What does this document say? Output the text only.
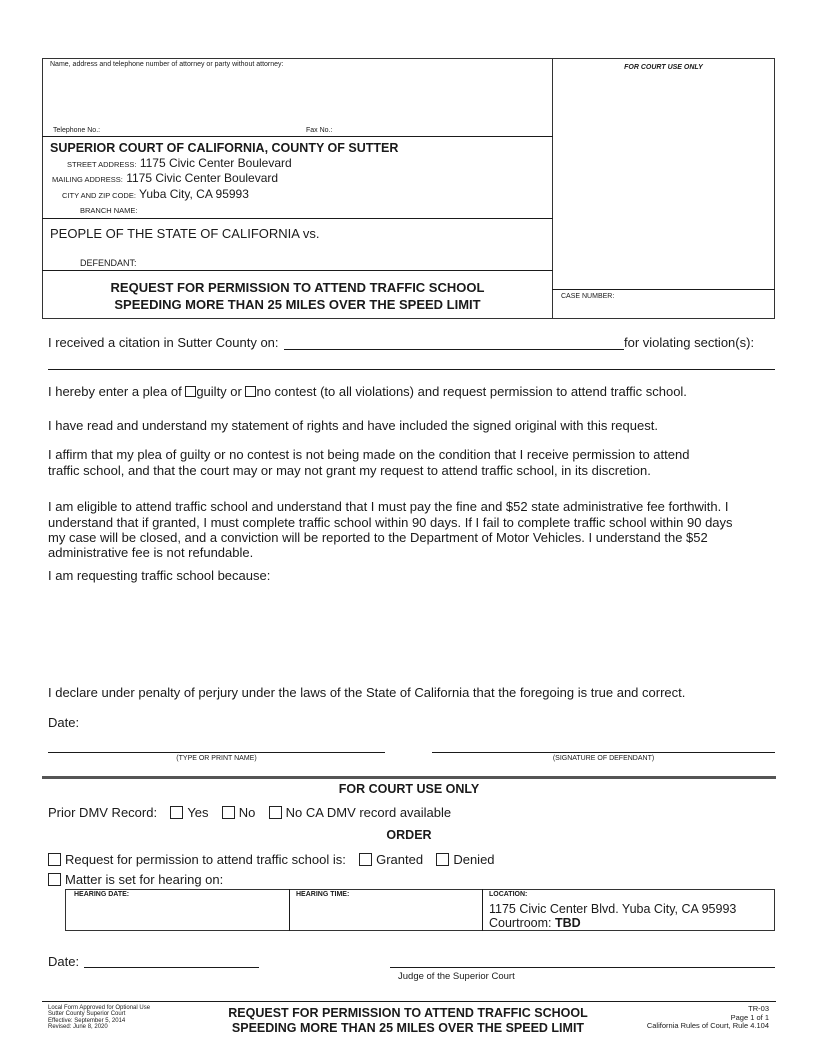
Name, address and telephone number of attorney or party without attorney:
Telephone No.:	Fax No.:
FOR COURT USE ONLY
SUPERIOR COURT OF CALIFORNIA, COUNTY OF SUTTER
STREET ADDRESS: 1175 Civic Center Boulevard
MAILING ADDRESS: 1175 Civic Center Boulevard
CITY AND ZIP CODE: Yuba City, CA 95993
BRANCH NAME:
PEOPLE OF THE STATE OF CALIFORNIA vs.
DEFENDANT:
REQUEST FOR PERMISSION TO ATTEND TRAFFIC SCHOOL
SPEEDING MORE THAN 25 MILES OVER THE SPEED LIMIT
CASE NUMBER:
I received a citation in Sutter County on:	for violating section(s):
I hereby enter a plea of guilty or no contest (to all violations) and request permission to attend traffic school.
I have read and understand my statement of rights and have included the signed original with this request.
I affirm that my plea of guilty or no contest is not being made on the condition that I receive permission to attend
traffic school, and that the court may or may not grant my request to attend traffic school, in its discretion.
I am eligible to attend traffic school and understand that I must pay the fine and $52 state administrative fee forthwith. I
understand that if granted, I must complete traffic school within 90 days. If I fail to complete traffic school within 90 days
my case will be closed, and a conviction will be reported to the Department of Motor Vehicles. I understand the $52
administrative fee is not refundable.
I am requesting traffic school because:
I declare under penalty of perjury under the laws of the State of California that the foregoing is true and correct.
Date:
(TYPE OR PRINT NAME)	(SIGNATURE OF DEFENDANT)
FOR COURT USE ONLY
Prior DMV Record: Yes No No CA DMV record available
ORDER
Request for permission to attend traffic school is: Granted Denied
Matter is set for hearing on:
HEARING DATE:	HEARING TIME:	LOCATION:
1175 Civic Center Blvd. Yuba City, CA 95993
Courtroom: TBD
Date:
Judge of the Superior Court
Local Form Approved for Optional Use
Sutter County Superior Court
Effective: September 5, 2014
Revised: June 8, 2020
REQUEST FOR PERMISSION TO ATTEND TRAFFIC SCHOOL
SPEEDING MORE THAN 25 MILES OVER THE SPEED LIMIT
TR-03
Page 1 of 1
California Rules of Court, Rule 4.104
